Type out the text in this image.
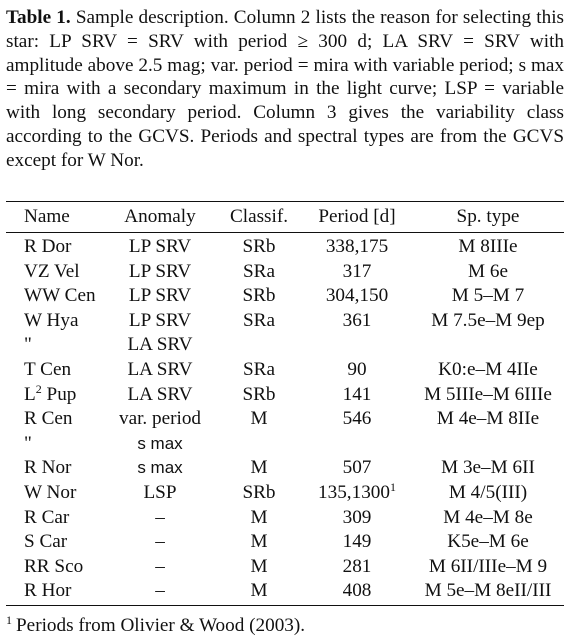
Table 1. Sample description. Column 2 lists the reason for selecting this star: LP SRV = SRV with period ≥ 300 d; LA SRV = SRV with amplitude above 2.5 mag; var. period = mira with variable period; s max = mira with a secondary maximum in the light curve; LSP = variable with long secondary period. Column 3 gives the variability class according to the GCVS. Periods and spectral types are from the GCVS except for W Nor.
Name	Anomaly	Classif.	Period [d]	Sp. type
R Dor	LP SRV	SRb	338,175	M 8IIIe
VZ Vel	LP SRV	SRa	317	M 6e
WW Cen	LP SRV	SRb	304,150	M 5–M 7
W Hya	LP SRV	SRa	361	M 7.5e–M 9ep
"	LA SRV			
T Cen	LA SRV	SRa	90	K0:e–M 4IIe
$L^2$ Pup	LA SRV	SRb	141	M 5IIIe–M 6IIIe
R Cen	var. period	M	546	M 4e–M 8IIe
"	s max			
R Nor	s max	M	507	M 3e–M 6II
W Nor	LSP	SRb	135,1300$^1$	M 4/5(III)
R Car	–	M	309	M 4e–M 8e
S Car	–	M	149	K5e–M 6e
RR Sco	–	M	281	M 6II/IIIe–M 9
R Hor	–	M	408	M 5e–M 8eII/III
$^1$ Periods from Olivier & Wood (2003).
